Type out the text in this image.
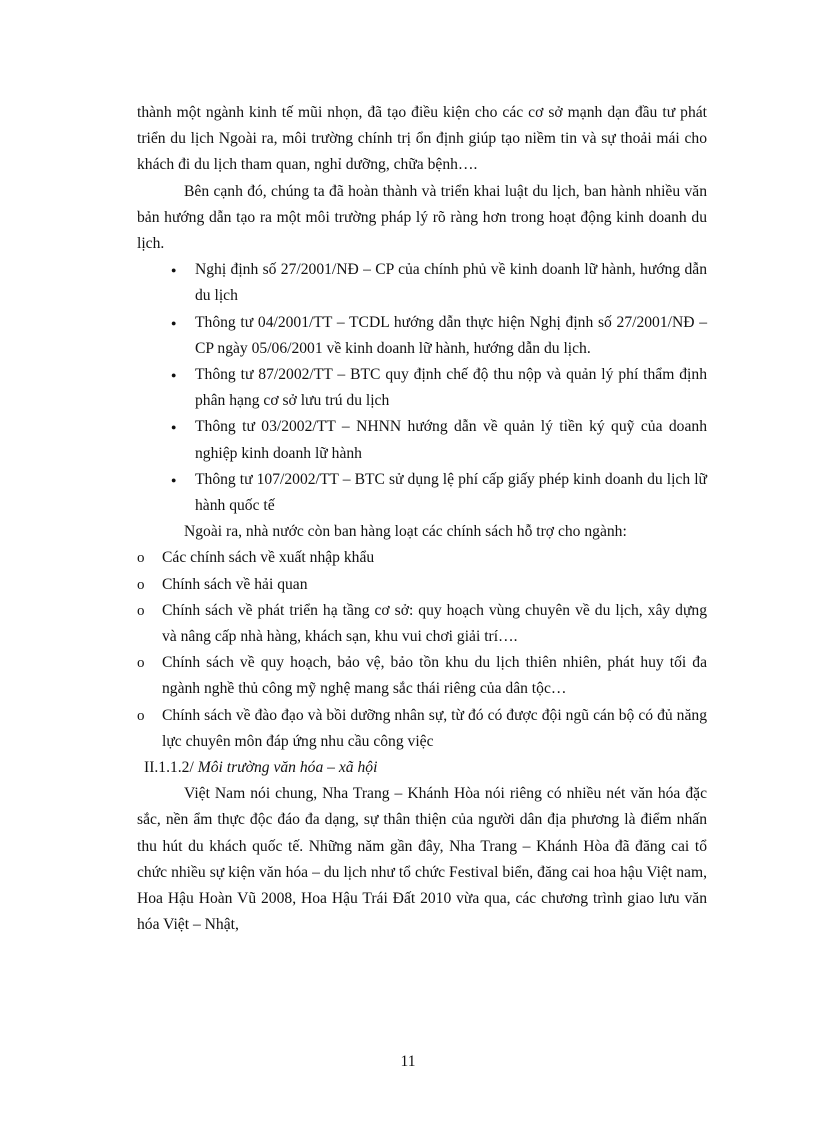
thành một ngành kinh tế mũi nhọn, đã tạo điều kiện cho các cơ sở mạnh dạn đầu tư phát triển du lịch Ngoài ra, môi trường chính trị ổn định giúp tạo niềm tin và sự thoải mái cho khách đi du lịch tham quan, nghỉ dưỡng, chữa bệnh….

Bên cạnh đó, chúng ta đã hoàn thành và triển khai luật du lịch, ban hành nhiều văn bản hướng dẫn tạo ra một môi trường pháp lý rõ ràng hơn trong hoạt động kinh doanh du lịch.

● Nghị định số 27/2001/NĐ – CP của chính phủ về kinh doanh lữ hành, hướng dẫn du lịch
● Thông tư 04/2001/TT – TCDL hướng dẫn thực hiện Nghị định số 27/2001/NĐ – CP ngày 05/06/2001 về kinh doanh lữ hành, hướng dẫn du lịch.
● Thông tư 87/2002/TT – BTC quy định chế độ thu nộp và quản lý phí thẩm định phân hạng cơ sở lưu trú du lịch
● Thông tư 03/2002/TT – NHNN hướng dẫn về quản lý tiền ký quỹ của doanh nghiệp kinh doanh lữ hành
● Thông tư 107/2002/TT – BTC sử dụng lệ phí cấp giấy phép kinh doanh du lịch lữ hành quốc tế

Ngoài ra, nhà nước còn ban hàng loạt các chính sách hỗ trợ cho ngành:

o Các chính sách về xuất nhập khẩu
o Chính sách về hải quan
o Chính sách về phát triển hạ tầng cơ sở: quy hoạch vùng chuyên về du lịch, xây dựng và nâng cấp nhà hàng, khách sạn, khu vui chơi giải trí….
o Chính sách về quy hoạch, bảo vệ, bảo tồn khu du lịch thiên nhiên, phát huy tối đa ngành nghề thủ công mỹ nghệ mang sắc thái riêng của dân tộc…
o Chính sách về đào đạo và bồi dưỡng nhân sự, từ đó có được đội ngũ cán bộ có đủ năng lực chuyên môn đáp ứng nhu cầu công việc

II.1.1.2/ Môi trường văn hóa – xã hội

Việt Nam nói chung, Nha Trang – Khánh Hòa nói riêng có nhiều nét văn hóa đặc sắc, nền ẩm thực độc đáo đa dạng, sự thân thiện của người dân địa phương là điểm nhấn thu hút du khách quốc tế. Những năm gần đây, Nha Trang – Khánh Hòa đã đăng cai tổ chức nhiều sự kiện văn hóa – du lịch như tổ chức Festival biển, đăng cai hoa hậu Việt nam, Hoa Hậu Hoàn Vũ 2008, Hoa Hậu Trái Đất 2010 vừa qua, các chương trình giao lưu văn hóa Việt – Nhật,

11
